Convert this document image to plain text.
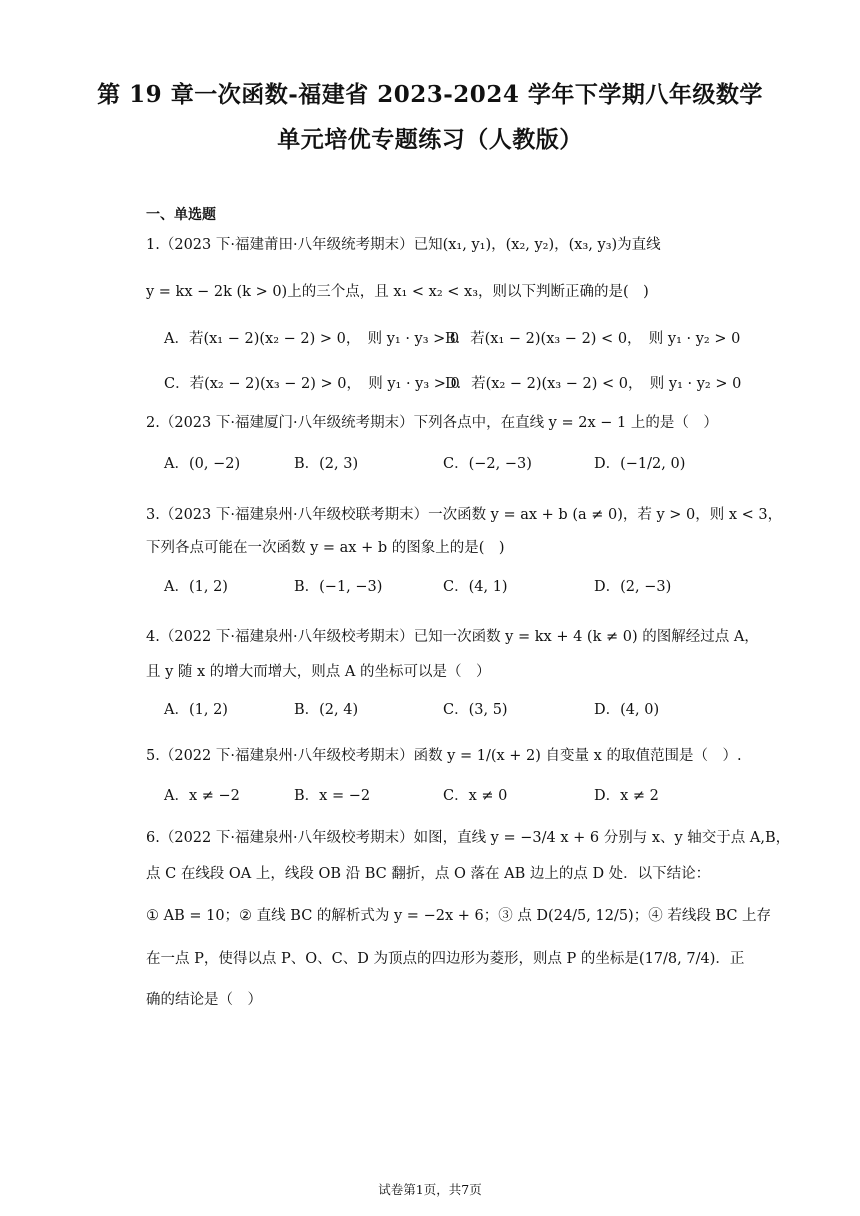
第 19 章一次函数-福建省 2023-2024 学年下学期八年级数学
单元培优专题练习（人教版）
一、单选题
1.（2023 下·福建莆田·八年级统考期末）已知(x₁, y₁)，(x₂, y₂)，(x₃, y₃)为直线
y = kx − 2k (k > 0)上的三个点，且 x₁ < x₂ < x₃，则以下判断正确的是(　)
A．若(x₁ − 2)(x₂ − 2) > 0，　则 y₁ · y₃ > 0
B．若(x₁ − 2)(x₃ − 2) < 0，　则 y₁ · y₂ > 0
C．若(x₂ − 2)(x₃ − 2) > 0，　则 y₁ · y₃ > 0
D．若(x₂ − 2)(x₃ − 2) < 0，　则 y₁ · y₂ > 0
2.（2023 下·福建厦门·八年级统考期末）下列各点中，在直线 y = 2x − 1 上的是（　）
A．(0, −2)	B．(2, 3)	C．(−2, −3)	D．(−1/2, 0)
3.（2023 下·福建泉州·八年级校联考期末）一次函数 y = ax + b (a ≠ 0)，若 y > 0，则 x < 3，
下列各点可能在一次函数 y = ax + b 的图象上的是(　)
A．(1, 2)	B．(−1, −3)	C．(4, 1)	D．(2, −3)
4.（2022 下·福建泉州·八年级校考期末）已知一次函数 y = kx + 4 (k ≠ 0) 的图解经过点 A，
且 y 随 x 的增大而增大，则点 A 的坐标可以是（　）
A．(1, 2)	B．(2, 4)	C．(3, 5)	D．(4, 0)
5.（2022 下·福建泉州·八年级校考期末）函数 y = 1/(x + 2) 自变量 x 的取值范围是（　）.
A．x ≠ −2	B．x = −2	C．x ≠ 0	D．x ≠ 2
6.（2022 下·福建泉州·八年级校考期末）如图，直线 y = −3/4 x + 6 分别与 x、y 轴交于点 A,B，
点 C 在线段 OA 上，线段 OB 沿 BC 翻折，点 O 落在 AB 边上的点 D 处．以下结论：
① AB = 10；② 直线 BC 的解析式为 y = −2x + 6；③ 点 D(24/5, 12/5)；④ 若线段 BC 上存
在一点 P，使得以点 P、O、C、D 为顶点的四边形为菱形，则点 P 的坐标是(17/8, 7/4)．正
确的结论是（　）
试卷第1页，共7页
